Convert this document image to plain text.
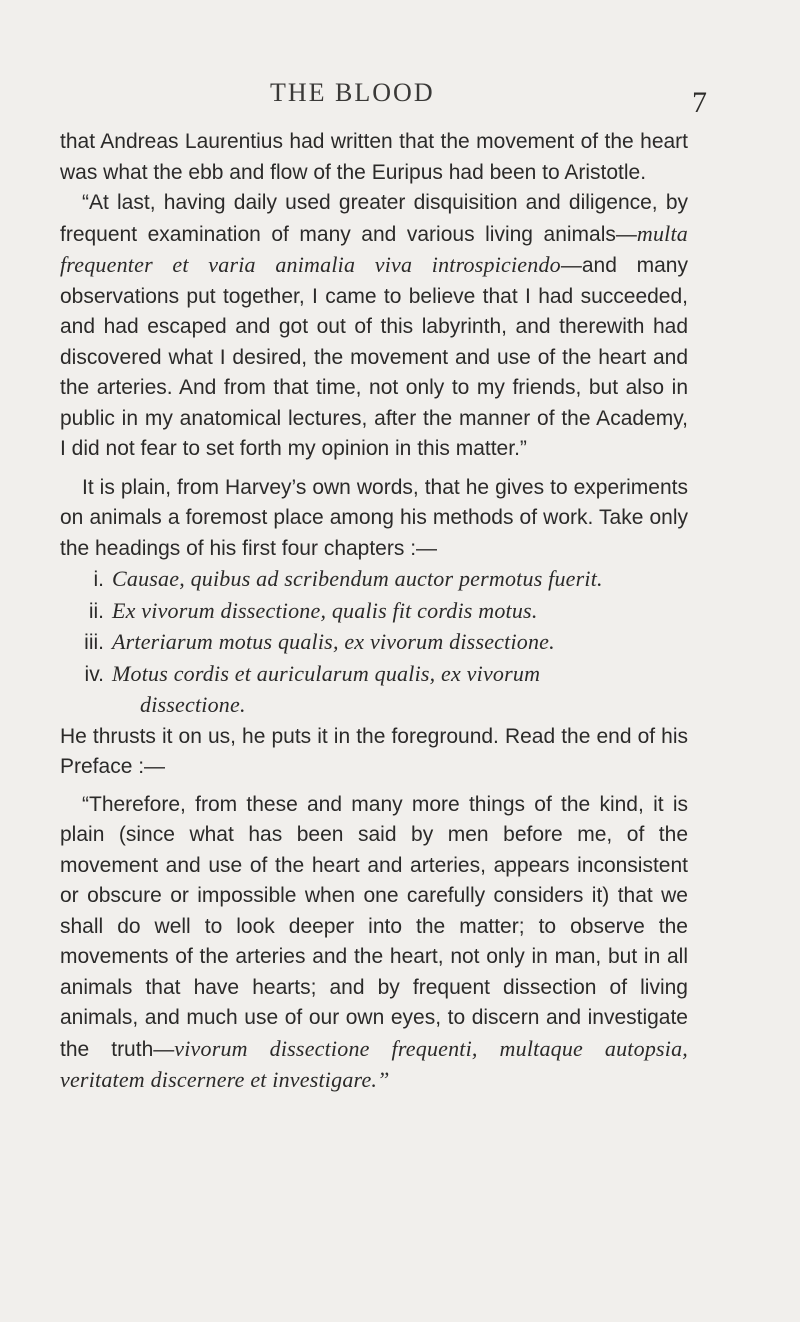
THE BLOOD	7

that Andreas Laurentius had written that the movement of the heart was what the ebb and flow of the Euripus had been to Aristotle.

“At last, having daily used greater disquisition and diligence, by frequent examination of many and various living animals—multa frequenter et varia animalia viva introspiciendo—and many observations put together, I came to believe that I had succeeded, and had escaped and got out of this labyrinth, and therewith had discovered what I desired, the movement and use of the heart and the arteries. And from that time, not only to my friends, but also in public in my anatomical lectures, after the manner of the Academy, I did not fear to set forth my opinion in this matter.”

It is plain, from Harvey’s own words, that he gives to experiments on animals a foremost place among his methods of work. Take only the headings of his first four chapters :—

i. Causae, quibus ad scribendum auctor permotus fuerit.
ii. Ex vivorum dissectione, qualis fit cordis motus.
iii. Arteriarum motus qualis, ex vivorum dissectione.
iv. Motus cordis et auricularum qualis, ex vivorum
dissectione.

He thrusts it on us, he puts it in the foreground. Read the end of his Preface :—

“Therefore, from these and many more things of the kind, it is plain (since what has been said by men before me, of the movement and use of the heart and arteries, appears inconsistent or obscure or impossible when one carefully considers it) that we shall do well to look deeper into the matter; to observe the movements of the arteries and the heart, not only in man, but in all animals that have hearts; and by frequent dissection of living animals, and much use of our own eyes, to discern and investigate the truth—vivorum dissectione frequenti, multaque autopsia, veritatem discernere et investigare.”
